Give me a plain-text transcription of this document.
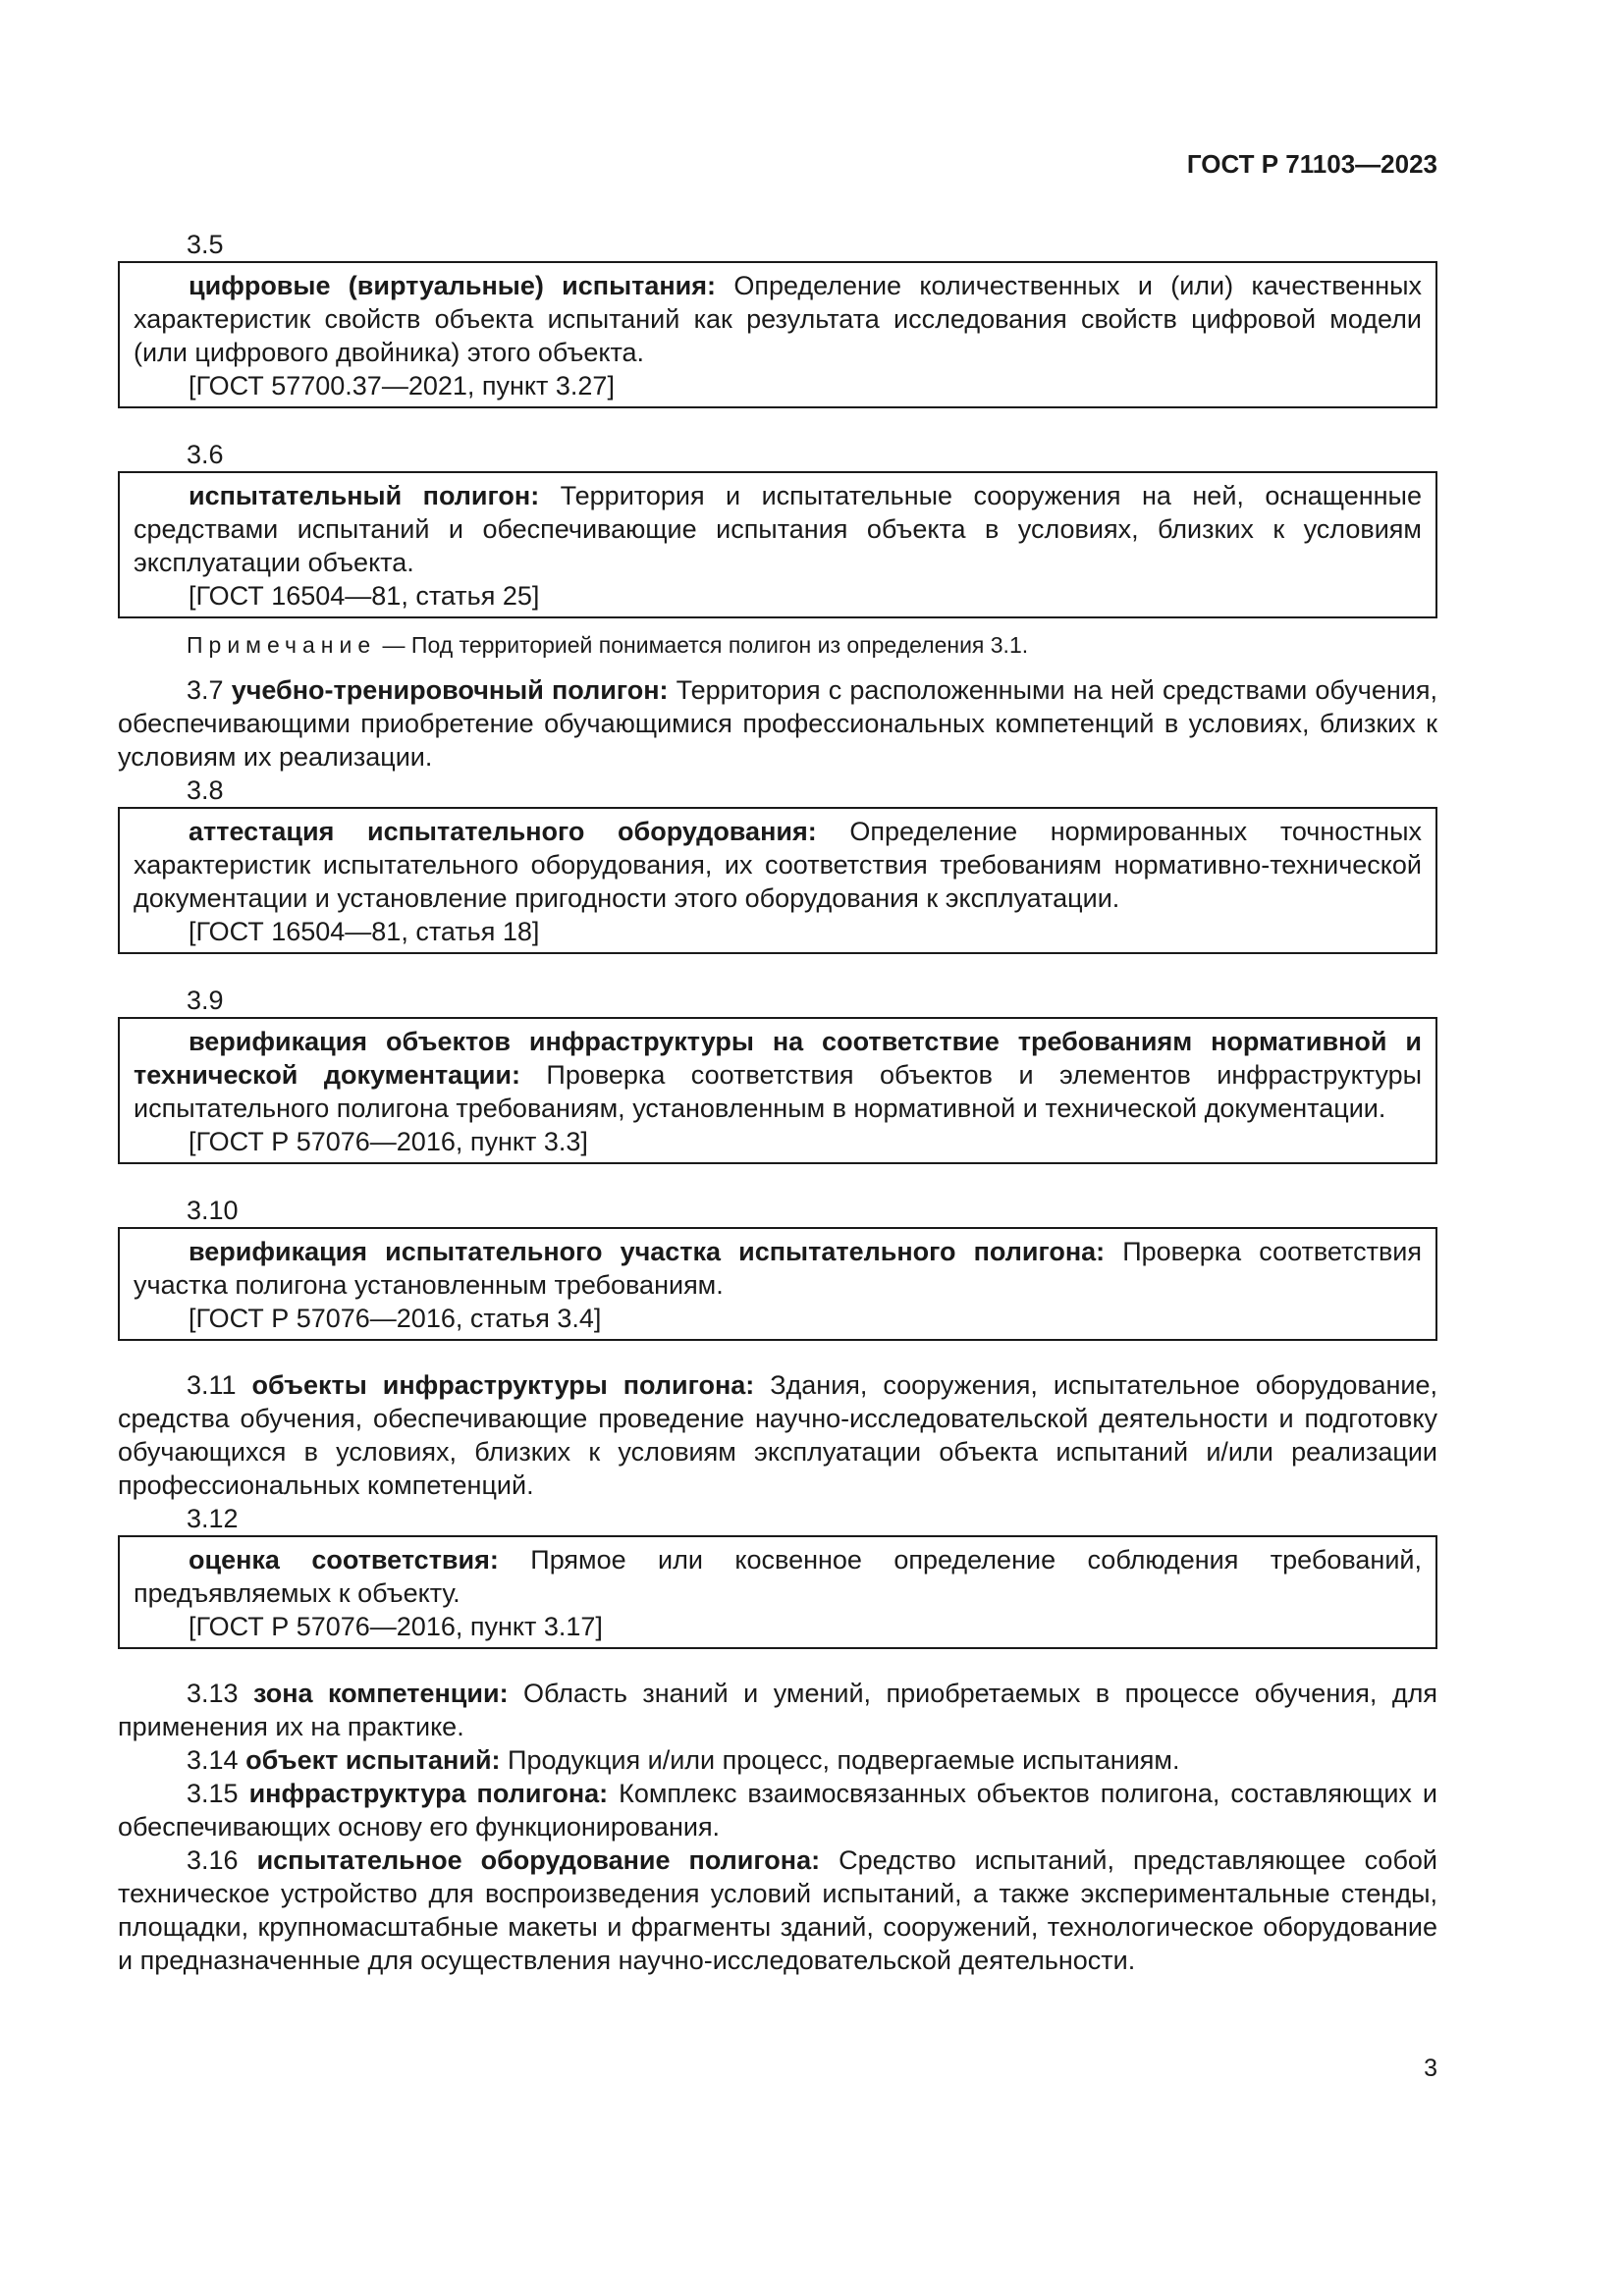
ГОСТ Р 71103—2023
3.5

цифровые (виртуальные) испытания: Определение количественных и (или) качественных характеристик свойств объекта испытаний как результата исследования свойств цифровой модели (или цифрового двойника) этого объекта.

[ГОСТ 57700.37—2021, пункт 3.27]

3.6

испытательный полигон: Территория и испытательные сооружения на ней, оснащенные средствами испытаний и обеспечивающие испытания объекта в условиях, близких к условиям эксплуатации объекта.

[ГОСТ 16504—81, статья 25]

Примечание — Под территорией понимается полигон из определения 3.1.
3.7 учебно-тренировочный полигон: Территория с расположенными на ней средствами обучения, обеспечивающими приобретение обучающимися профессиональных компетенций в условиях, близких к условиям их реализации.
3.8

аттестация испытательного оборудования: Определение нормированных точностных характеристик испытательного оборудования, их соответствия требованиям нормативно-технической документации и установление пригодности этого оборудования к эксплуатации.

[ГОСТ 16504—81, статья 18]

3.9

верификация объектов инфраструктуры на соответствие требованиям нормативной и технической документации: Проверка соответствия объектов и элементов инфраструктуры испытательного полигона требованиям, установленным в нормативной и технической документации.

[ГОСТ Р 57076—2016, пункт 3.3]

3.10

верификация испытательного участка испытательного полигона: Проверка соответствия участка полигона установленным требованиям.

[ГОСТ Р 57076—2016, статья 3.4]

3.11 объекты инфраструктуры полигона: Здания, сооружения, испытательное оборудование, средства обучения, обеспечивающие проведение научно-исследовательской деятельности и подготовку обучающихся в условиях, близких к условиям эксплуатации объекта испытаний и/или реализации профессиональных компетенций.
3.12

оценка соответствия: Прямое или косвенное определение соблюдения требований, предъявляемых к объекту.

[ГОСТ Р 57076—2016, пункт 3.17]

3.13 зона компетенции: Область знаний и умений, приобретаемых в процессе обучения, для применения их на практике.
3.14 объект испытаний: Продукция и/или процесс, подвергаемые испытаниям.
3.15 инфраструктура полигона: Комплекс взаимосвязанных объектов полигона, составляющих и обеспечивающих основу его функционирования.
3.16 испытательное оборудование полигона: Средство испытаний, представляющее собой техническое устройство для воспроизведения условий испытаний, а также экспериментальные стенды, площадки, крупномасштабные макеты и фрагменты зданий, сооружений, технологическое оборудование и предназначенные для осуществления научно-исследовательской деятельности.
3
